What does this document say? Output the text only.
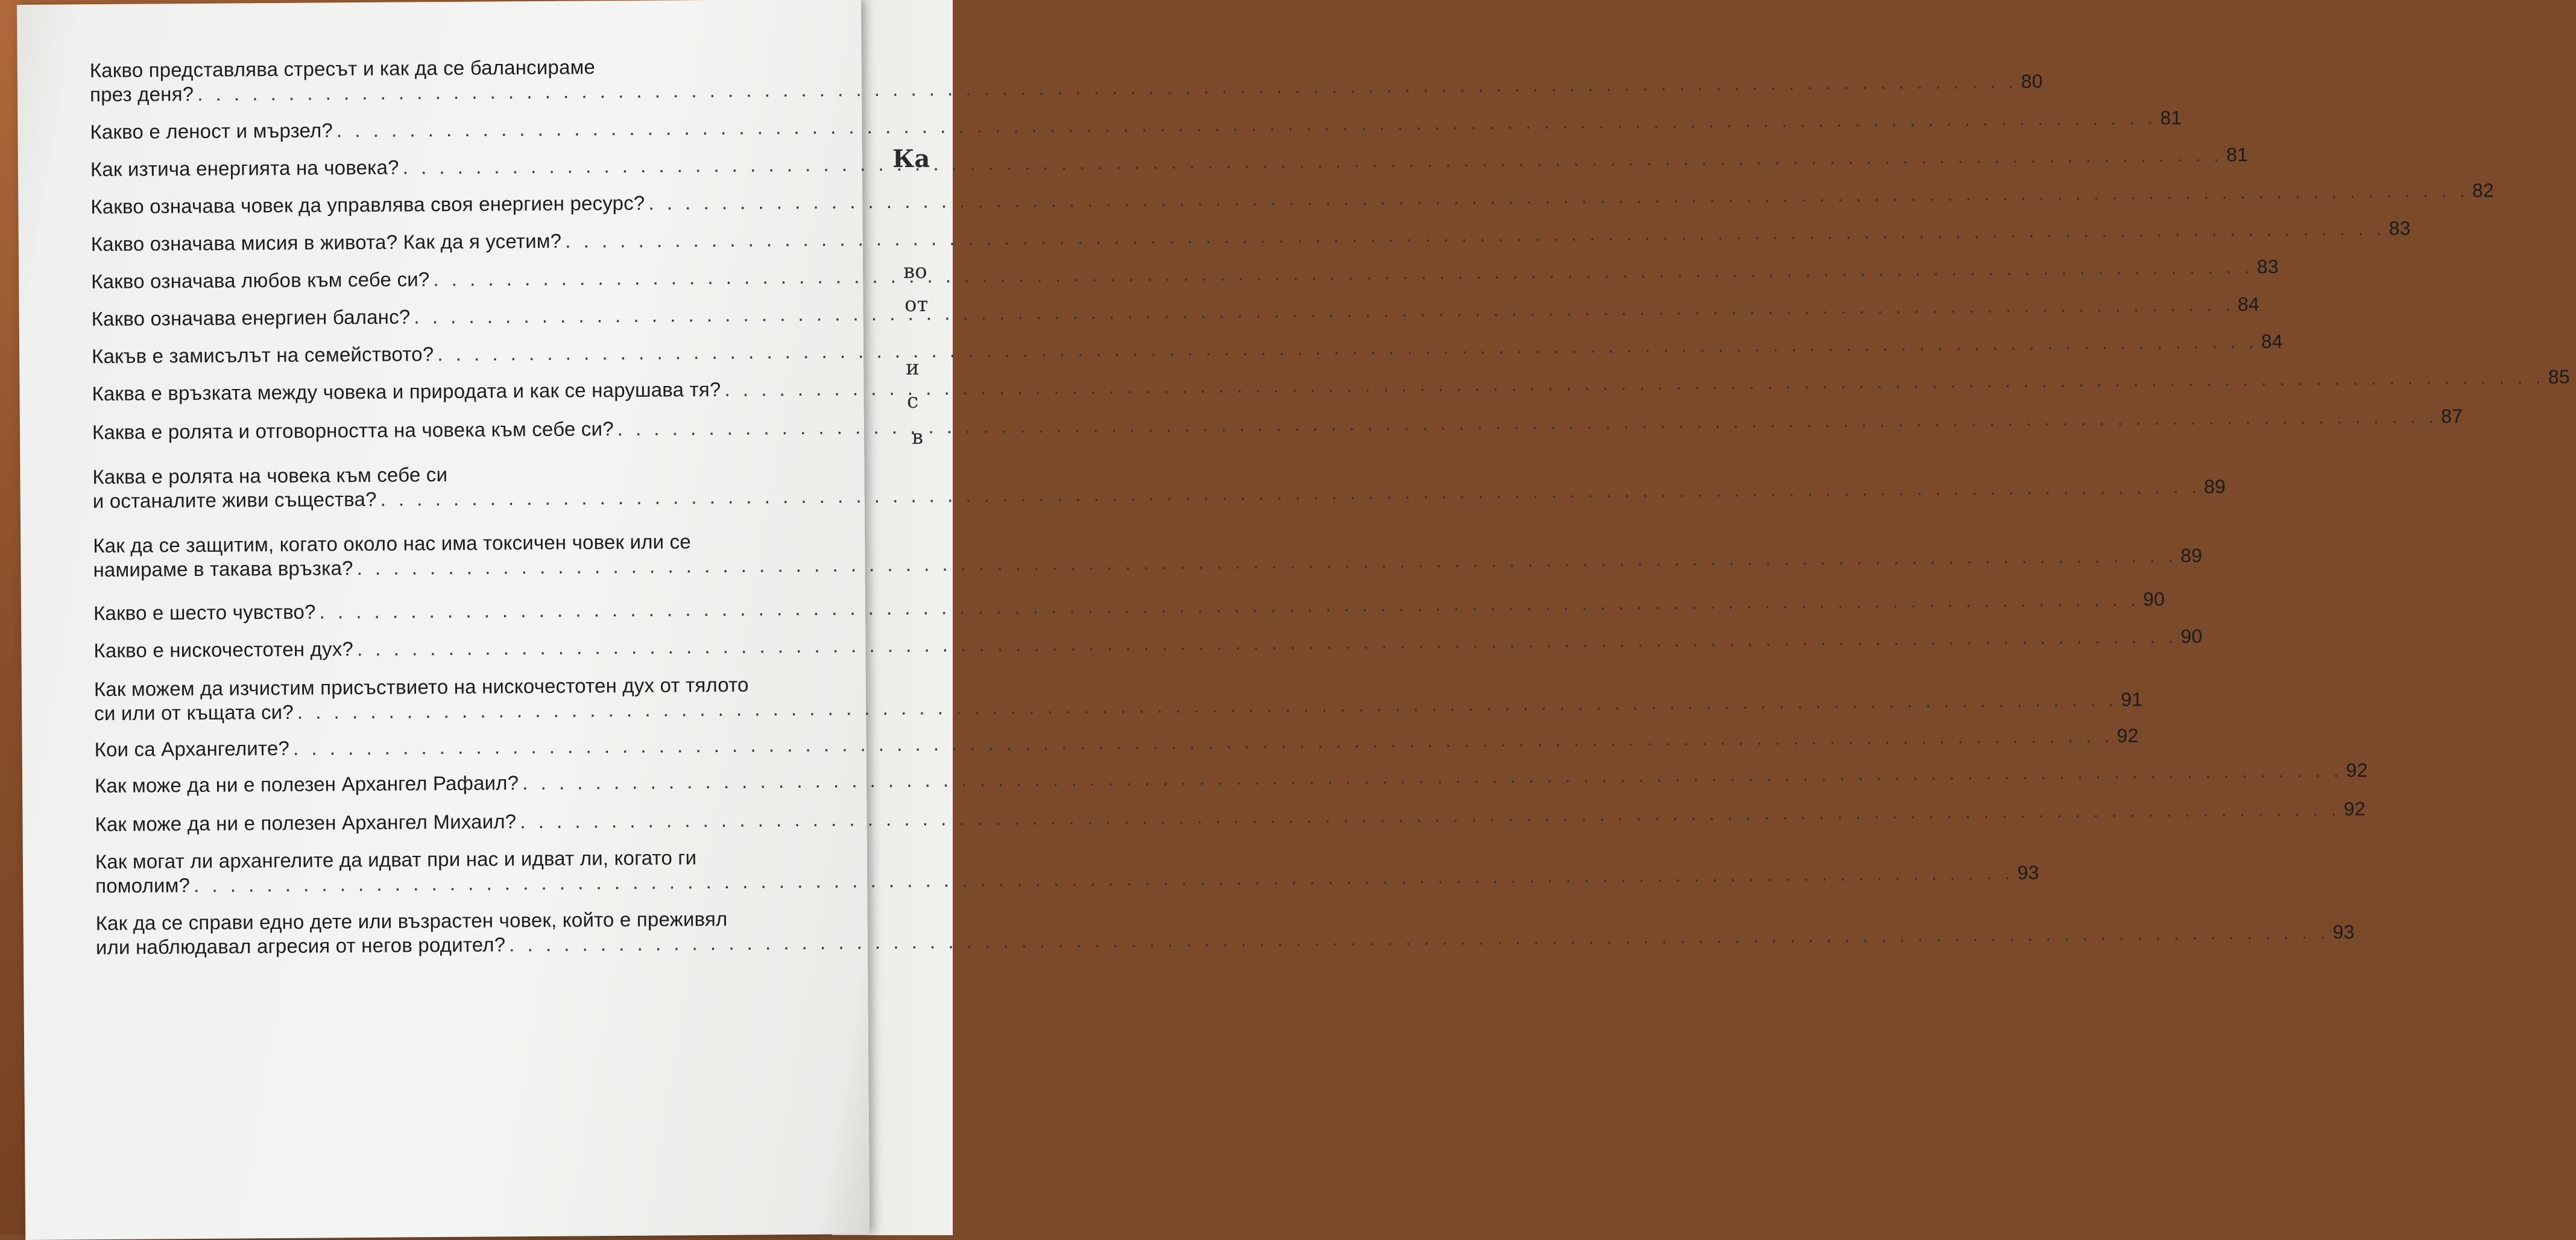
Ка
во
от
и
с
в
Какво представлява стресът и как да се балансираме
през деня?
. . .
80
Какво е леност и мързел?
. . .
81
Как изтича енергията на човека?
. . .
81
Какво означава човек да управлява своя енергиен ресурс?
. . .
82
Какво означава мисия в живота? Как да я усетим?
. . .
83
Какво означава любов към себе си?
. . .
83
Какво означава енергиен баланс?
. . .
84
Какъв е замисълът на семейството?
. . .
84
Каква е връзката между човека и природата и как се нарушава тя?
. . .
85
Каква е ролята и отговорността на човека към себе си?
. . .
87
Каква е ролята на човека към себе си
и останалите живи същества?
. . .
89
Как да се защитим, когато около нас има токсичен човек или се
намираме в такава връзка?
. . .
89
Какво е шесто чувство?
. . .
90
Какво е нискочестотен дух?
. . .
90
Как можем да изчистим присъствието на нискочестотен дух от тялото
си или от къщата си?
. . .
91
Кои са Архангелите?
. . .
92
Как може да ни е полезен Архангел Рафаил?
. . .
92
Как може да ни е полезен Архангел Михаил?
. . .
92
Как могат ли архангелите да идват при нас и идват ли, когато ги
помолим?
. . .
93
Как да се справи едно дете или възрастен човек, който е преживял
или наблюдавал агресия от негов родител?
. . .
93
